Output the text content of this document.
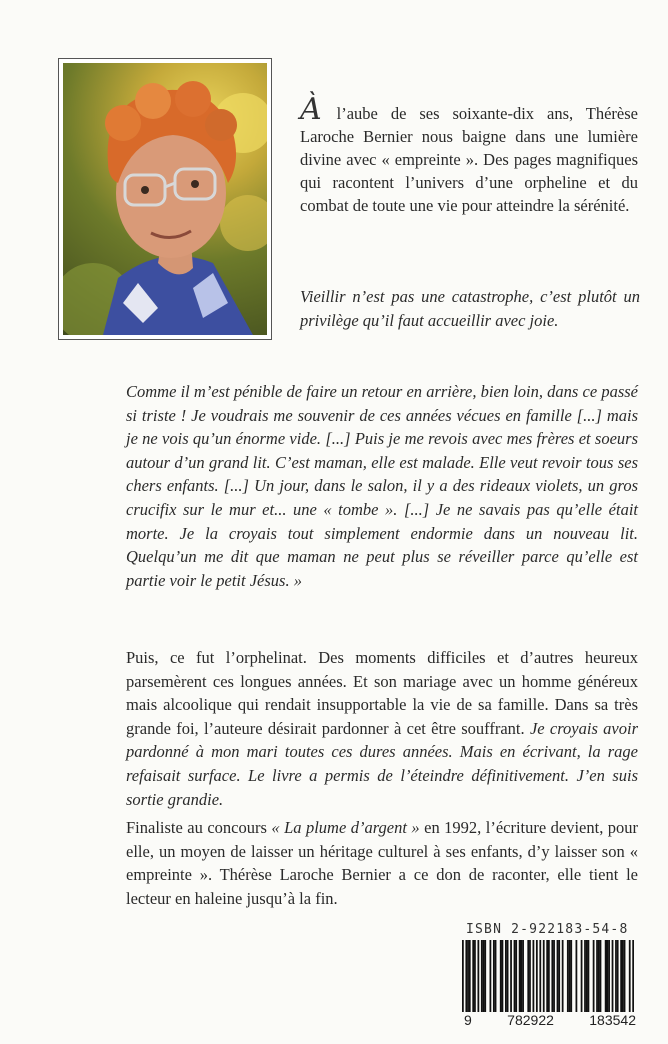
À l’aube de ses soixante-dix ans, Thérèse Laroche Bernier nous baigne dans une lumière divine avec « empreinte ». Des pages magnifiques qui racontent l’univers d’une orpheline et du combat de toute une vie pour atteindre la sérénité.
Vieillir n’est pas une catastrophe, c’est plutôt un privilège qu’il faut accueillir avec joie.
Comme il m’est pénible de faire un retour en arrière, bien loin, dans ce passé si triste ! Je voudrais me souvenir de ces années vécues en famille [...] mais je ne vois qu’un énorme vide. [...] Puis je me revois avec mes frères et soeurs autour d’un grand lit. C’est maman, elle est malade. Elle veut revoir tous ses chers enfants. [...] Un jour, dans le salon, il y a des rideaux violets, un gros crucifix sur le mur et... une « tombe ». [...] Je ne savais pas qu’elle était morte. Je la croyais tout simplement endormie dans un nouveau lit. Quelqu’un me dit que maman ne peut plus se réveiller parce qu’elle est partie voir le petit Jésus. »
Puis, ce fut l’orphelinat. Des moments difficiles et d’autres heureux parsemèrent ces longues années. Et son mariage avec un homme généreux mais alcoolique qui rendait insupportable la vie de sa famille. Dans sa très grande foi, l’auteure désirait pardonner à cet être souffrant. Je croyais avoir pardonné à mon mari toutes ces dures années. Mais en écrivant, la rage refaisait surface. Le livre a permis de l’éteindre définitivement. J’en suis sortie grandie.
Finaliste au concours « La plume d’argent » en 1992, l’écriture devient, pour elle, un moyen de laisser un héritage culturel à ses enfants, d’y laisser son « empreinte ». Thérèse Laroche Bernier a ce don de raconter, elle tient le lecteur en haleine jusqu’à la fin.
ISBN 2-922183-54-8
9	782922	183542
